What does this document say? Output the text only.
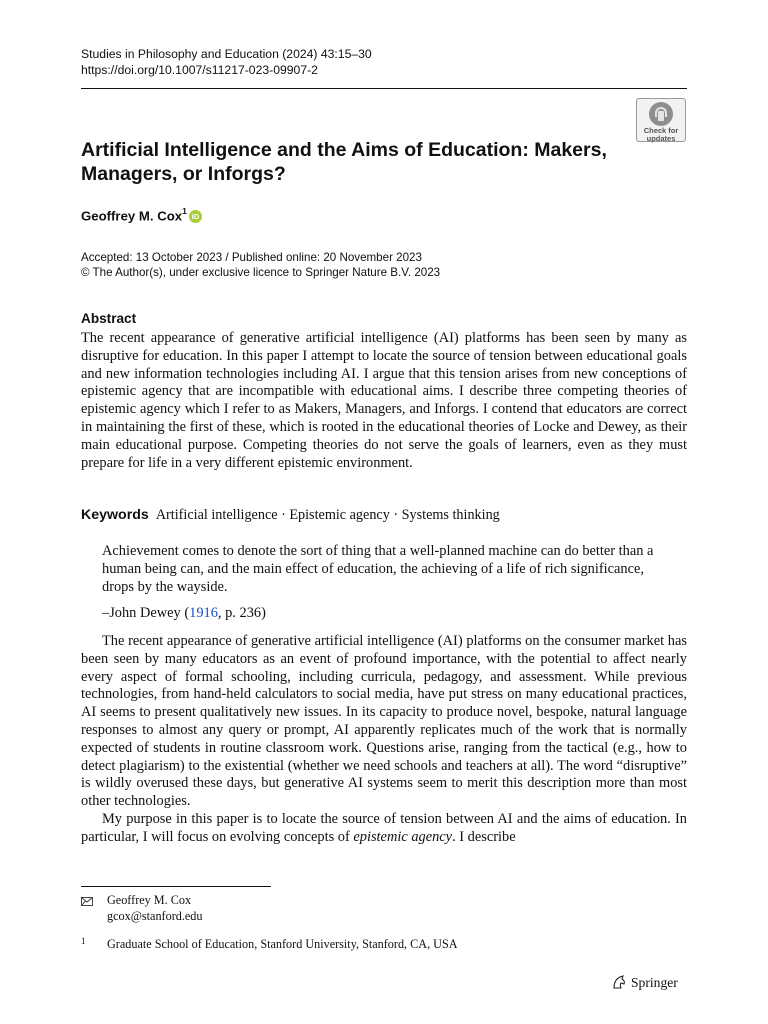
Studies in Philosophy and Education (2024) 43:15–30
https://doi.org/10.1007/s11217-023-09907-2
Check for
updates
Artificial Intelligence and the Aims of Education: Makers, Managers, or Inforgs?
Geoffrey M. Cox$^1$iD
Accepted: 13 October 2023 / Published online: 20 November 2023
© The Author(s), under exclusive licence to Springer Nature B.V. 2023
Abstract
The recent appearance of generative artificial intelligence (AI) platforms has been seen by many as disruptive for education. In this paper I attempt to locate the source of tension between educational goals and new information technologies including AI. I argue that this tension arises from new conceptions of epistemic agency that are incompatible with educational aims. I describe three competing theories of epistemic agency which I refer to as Makers, Managers, and Inforgs. I contend that educators are correct in maintaining the first of these, which is rooted in the educational theories of Locke and Dewey, as their main educational purpose. Competing theories do not serve the goals of learners, even as they must prepare for life in a very different epistemic environment.
Keywords Artificial intelligence · Epistemic agency · Systems thinking
Achievement comes to denote the sort of thing that a well-planned machine can do better than a human being can, and the main effect of education, the achieving of a life of rich significance, drops by the wayside.
–John Dewey (1916, p. 236)

The recent appearance of generative artificial intelligence (AI) platforms on the consumer market has been seen by many educators as an event of profound importance, with the potential to affect nearly every aspect of formal schooling, including curricula, pedagogy, and assessment. While previous technologies, from hand-held calculators to social media, have put stress on many educational practices, AI seems to present qualitatively new issues. In its capacity to produce novel, bespoke, natural language responses to almost any query or prompt, AI apparently replicates much of the work that is normally expected of students in routine classroom work. Questions arise, ranging from the tactical (e.g., how to detect plagiarism) to the existential (whether we need schools and teachers at all). The word “disruptive” is wildly overused these days, but generative AI systems seem to merit this description more than most other technologies.

My purpose in this paper is to locate the source of tension between AI and the aims of education. In particular, I will focus on evolving concepts of epistemic agency. I describe

Geoffrey M. Cox
gcox@stanford.edu
1 Graduate School of Education, Stanford University, Stanford, CA, USA
Springer
